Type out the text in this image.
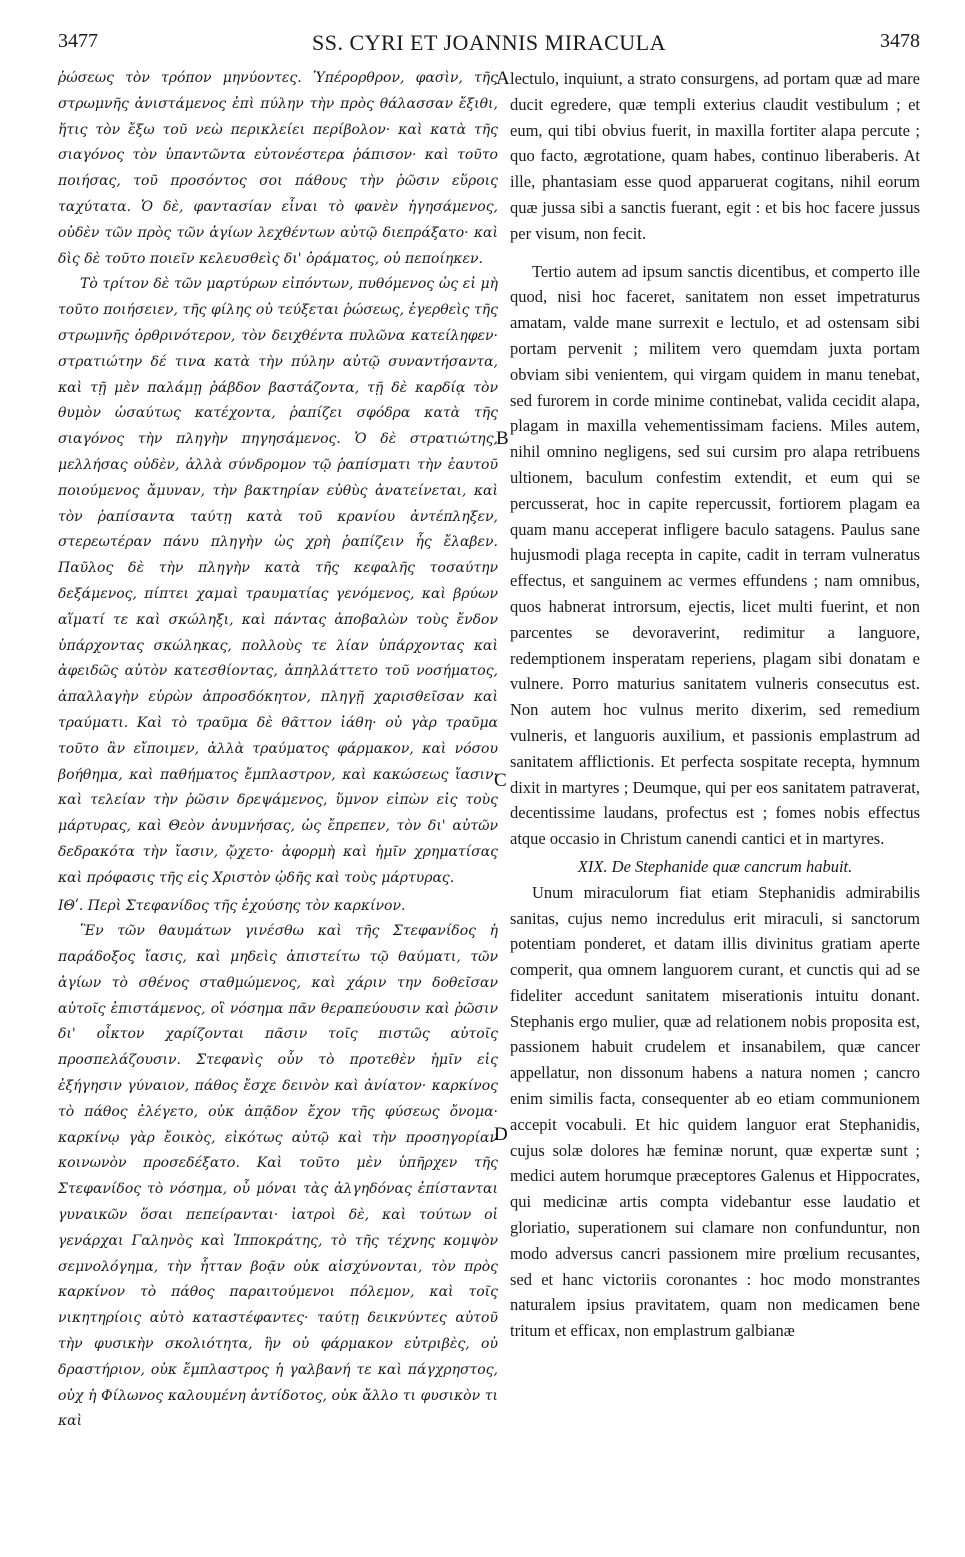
3477	SS. CYRI ET JOANNIS MIRACULA	3478

ῥώσεως τὸν τρόπον μηνύοντες. Ὑπέρορθρον, φασὶν, τῆς στρωμνῆς ἀνιστάμενος ἐπὶ πύλην τὴν πρὸς θάλασσαν ἔξιθι, ἥτις τὸν ἔξω τοῦ νεὼ περικλείει περίβολον· καὶ κατὰ τῆς σιαγόνος τὸν ὑπαντῶντα εὐτονέστερα ῥάπισον· καὶ τοῦτο ποιήσας, τοῦ προσόντος σοι πάθους τὴν ῥῶσιν εὕροις ταχύτατα. Ὁ δὲ, φαντασίαν εἶναι τὸ φανὲν ἡγησάμενος, οὐδὲν τῶν πρὸς τῶν ἁγίων λεχθέντων αὐτῷ διεπράξατο· καὶ δὶς δὲ τοῦτο ποιεῖν κελευσθεὶς δι' ὁράματος, οὐ πεποίηκεν.

Τὸ τρίτον δὲ τῶν μαρτύρων εἰπόντων, πυθόμενος ὡς εἰ μὴ τοῦτο ποιήσειεν, τῆς φίλης οὐ τεύξεται ῥώσεως, ἐγερθεὶς τῆς στρωμνῆς ὀρθρινότερον, τὸν δειχθέντα πυλῶνα κατείληφεν· στρατιώτην δέ τινα κατὰ τὴν πύλην αὐτῷ συναντήσαντα, καὶ τῇ μὲν παλάμῃ ῥάβδον βαστάζοντα, τῇ δὲ καρδίᾳ τὸν θυμὸν ὡσαύτως κατέχοντα, ῥαπίζει σφόδρα κατὰ τῆς σιαγόνος τὴν πληγὴν πηγησάμενος. Ὁ δὲ στρατιώτης, μελλήσας οὐδὲν, ἀλλὰ σύνδρομον τῷ ῥαπίσματι τὴν ἑαυτοῦ ποιούμενος ἄμυναν, τὴν βακτηρίαν εὐθὺς ἀνατείνεται, καὶ τὸν ῥαπίσαντα ταύτῃ κατὰ τοῦ κρανίου ἀντέπληξεν, στερεωτέραν πάνυ πληγὴν ὡς χρὴ ῥαπίζειν ἧς ἔλαβεν. Παῦλος δὲ τὴν πληγὴν κατὰ τῆς κεφαλῆς τοσαύτην δεξάμενος, πίπτει χαμαὶ τραυματίας γενόμενος, καὶ βρύων αἵματί τε καὶ σκώληξι, καὶ πάντας ἀποβαλὼν τοὺς ἔνδον ὑπάρχοντας σκώληκας, πολλοὺς τε λίαν ὑπάρχοντας καὶ ἀφειδῶς αὐτὸν κατεσθίοντας, ἀπηλλάττετο τοῦ νοσήματος, ἀπαλλαγὴν εὑρὼν ἀπροσδόκητον, πληγῇ χαρισθεῖσαν καὶ τραύματι. Καὶ τὸ τραῦμα δὲ θᾶττον ἰάθη· οὐ γὰρ τραῦμα τοῦτο ἂν εἴποιμεν, ἀλλὰ τραύματος φάρμακον, καὶ νόσου βοήθημα, καὶ παθήματος ἔμπλαστρον, καὶ κακώσεως ἴασιν· καὶ τελείαν τὴν ῥῶσιν δρεψάμενος, ὕμνον εἰπὼν εἰς τοὺς μάρτυρας, καὶ Θεὸν ἀνυμνήσας, ὡς ἔπρεπεν, τὸν δι' αὐτῶν δεδρακότα τὴν ἴασιν, ᾤχετο· ἀφορμὴ καὶ ἡμῖν χρηματίσας καὶ πρόφασις τῆς εἰς Χριστὸν ᾠδῆς καὶ τοὺς μάρτυρας.

ΙΘʹ. Περὶ Στεφανίδος τῆς ἐχούσης τὸν καρκίνον.

Ἓν τῶν θαυμάτων γινέσθω καὶ τῆς Στεφανίδος ἡ παράδοξος ἴασις, καὶ μηδεὶς ἀπιστείτω τῷ θαύματι, τῶν ἁγίων τὸ σθένος σταθμώμενος, καὶ χάριν την δοθεῖσαν αὐτοῖς ἐπιστάμενος, οἳ νόσημα πᾶν θεραπεύουσιν καὶ ῥῶσιν δι' οἶκτον χαρίζονται πᾶσιν τοῖς πιστῶς αὐτοῖς προσπελάζουσιν. Στεφανὶς οὖν τὸ προτεθὲν ἡμῖν εἰς ἐξήγησιν γύναιον, πάθος ἔσχε δεινὸν καὶ ἀνίατον· καρκίνος τὸ πάθος ἐλέγετο, οὐκ ἀπᾷδον ἔχον τῆς φύσεως ὄνομα· καρκίνῳ γὰρ ἔοικὸς, εἰκότως αὐτῷ καὶ τὴν προσηγορίαν κοινωνὸν προσεδέξατο. Καὶ τοῦτο μὲν ὑπῆρχεν τῆς Στεφανίδος τὸ νόσημα, οὗ μόναι τὰς ἀλγηδόνας ἐπίστανται γυναικῶν ὅσαι πεπείρανται· ἰατροὶ δὲ, καὶ τούτων οἱ γενάρχαι Γαληνὸς καὶ Ἱπποκράτης, τὸ τῆς τέχνης κομψὸν σεμνολόγημα, τὴν ἧτταν βοᾷν οὐκ αἰσχύνονται, τὸν πρὸς καρκίνον τὸ πάθος παραιτούμενοι πόλεμον, καὶ τοῖς νικητηρίοις αὐτὸ καταστέφαντες· ταύτῃ δεικνύντες αὐτοῦ τὴν φυσικὴν σκολιότητα, ἣν οὐ φάρμακον εὐτριβὲς, οὐ δραστήριον, οὐκ ἔμπλαστρος ἡ γαλβανή τε καὶ πάγχρηστος, οὐχ ἡ Φίλωνος καλουμένη ἀντίδοτος, οὐκ ἄλλο τι φυσικὸν τι καὶ

lectulo, inquiunt, a strato consurgens, ad portam quæ ad mare ducit egredere, quæ templi exterius claudit vestibulum ; et eum, qui tibi obvius fuerit, in maxilla fortiter alapa percute ; quo facto, ægrotatione, quam habes, continuo liberaberis. At ille, phantasiam esse quod apparuerat cogitans, nihil eorum quæ jussa sibi a sanctis fuerant, egit : et bis hoc facere jussus per visum, non fecit.

Tertio autem ad ipsum sanctis dicentibus, et comperto ille quod, nisi hoc faceret, sanitatem non esset impetraturus amatam, valde mane surrexit e lectulo, et ad ostensam sibi portam pervenit ; militem vero quemdam juxta portam obviam sibi venientem, qui virgam quidem in manu tenebat, sed furorem in corde minime continebat, valida cecidit alapa, plagam in maxilla vehementissimam faciens. Miles autem, nihil omnino negligens, sed sui cursim pro alapa retribuens ultionem, baculum confestim extendit, et eum qui se percusserat, hoc in capite repercussit, fortiorem plagam ea quam manu acceperat infligere baculo satagens. Paulus sane hujusmodi plaga recepta in capite, cadit in terram vulneratus effectus, et sanguinem ac vermes effundens ; nam omnibus, quos habnerat introrsum, ejectis, licet multi fuerint, et non parcentes se devoraverint, redimitur a languore, redemptionem insperatam reperiens, plagam sibi donatam e vulnere. Porro maturius sanitatem vulneris consecutus est. Non autem hoc vulnus merito dixerim, sed remedium vulneris, et languoris auxilium, et passionis emplastrum ad sanitatem afflictionis. Et perfecta sospitate recepta, hymnum dixit in martyres ; Deumque, qui per eos sanitatem patraverat, decentissime laudans, profectus est ; fomes nobis effectus atque occasio in Christum canendi cantici et in martyres.

XIX. De Stephanide quæ cancrum habuit.

Unum miraculorum fiat etiam Stephanidis admirabilis sanitas, cujus nemo incredulus erit miraculi, si sanctorum potentiam ponderet, et datam illis divinitus gratiam aperte comperit, qua omnem languorem curant, et cunctis qui ad se fideliter accedunt sanitatem miserationis intuitu donant. Stephanis ergo mulier, quæ ad relationem nobis proposita est, passionem habuit crudelem et insanabilem, quæ cancer appellatur, non dissonum habens a natura nomen ; cancro enim similis facta, consequenter ab eo etiam communionem accepit vocabuli. Et hic quidem languor erat Stephanidis, cujus solæ dolores hæ feminæ norunt, quæ expertæ sunt ; medici autem horumque præceptores Galenus et Hippocrates, qui medicinæ artis compta videbantur esse laudatio et gloriatio, superationem sui clamare non confunduntur, non modo adversus cancri passionem mire prœlium recusantes, sed et hanc victoriis coronantes : hoc modo monstrantes naturalem ipsius pravitatem, quam non medicamen bene tritum et efficax, non emplastrum galbianæ

A
B
C
D
